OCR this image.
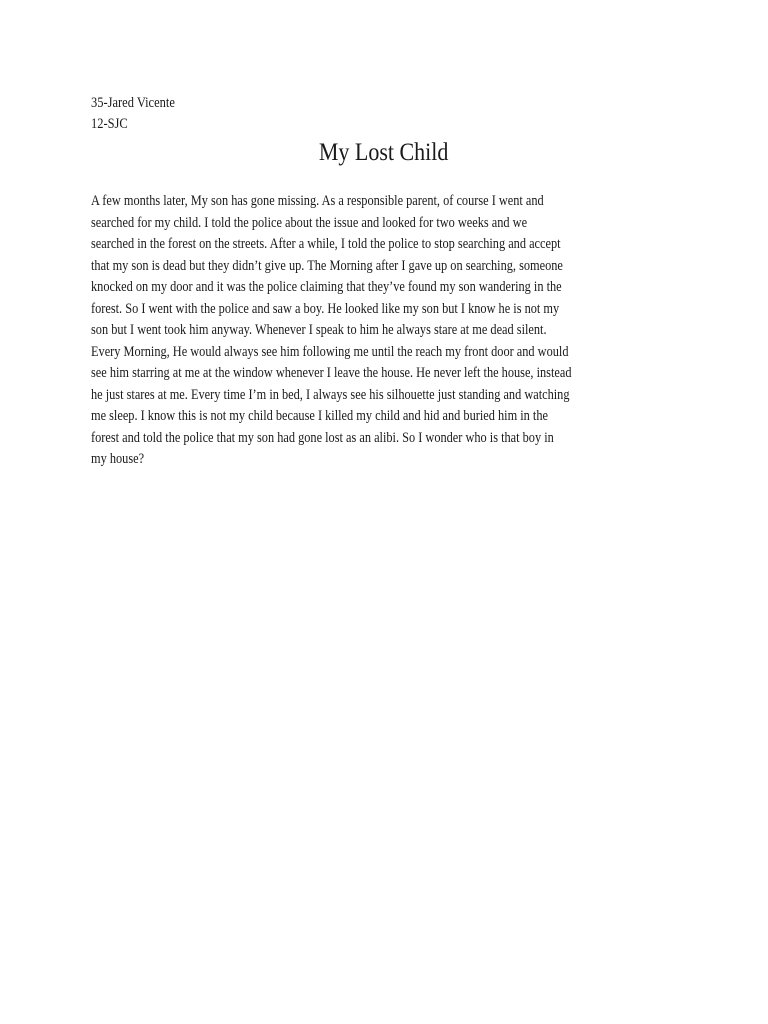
35-Jared Vicente
12-SJC
My Lost Child
A few months later, My son has gone missing. As a responsible parent, of course I went and
searched for my child. I told the police about the issue and looked for two weeks and we
searched in the forest on the streets. After a while, I told the police to stop searching and accept
that my son is dead but they didn’t give up. The Morning after I gave up on searching, someone
knocked on my door and it was the police claiming that they’ve found my son wandering in the
forest. So I went with the police and saw a boy. He looked like my son but I know he is not my
son but I went took him anyway. Whenever I speak to him he always stare at me dead silent.
Every Morning, He would always see him following me until the reach my front door and would
see him starring at me at the window whenever I leave the house. He never left the house, instead
he just stares at me. Every time I’m in bed, I always see his silhouette just standing and watching
me sleep. I know this is not my child because I killed my child and hid and buried him in the
forest and told the police that my son had gone lost as an alibi. So I wonder who is that boy in
my house?
